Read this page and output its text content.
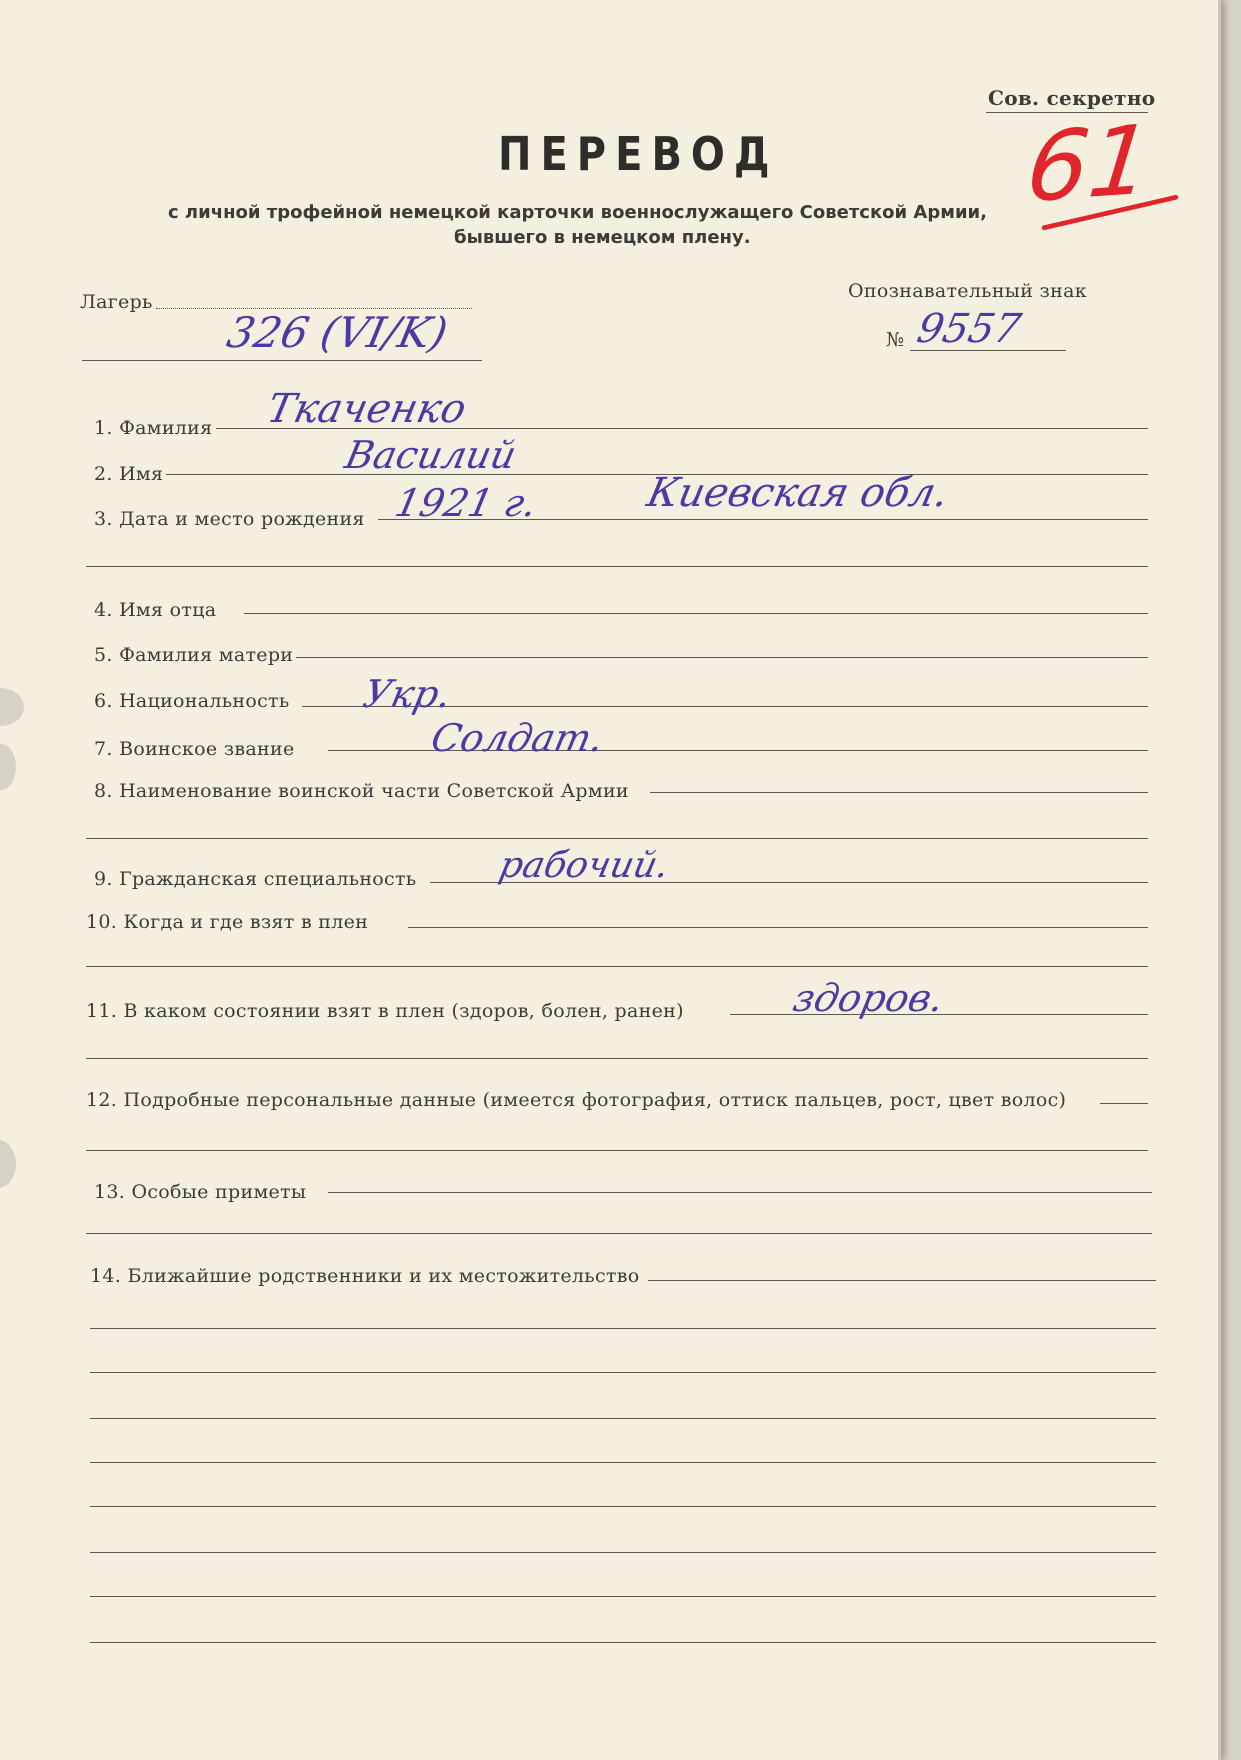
Сов. секретно
61
ПЕРЕВОД
с личной трофейной немецкой карточки военнослужащего Советской Армии,
бывшего в немецком плену.
Лагерь
326 (VI/K)
Опознавательный знак
№ 9557
1. Фамилия Ткаченко
2. Имя	Василий
3. Дата и место рождения 1921 г.	Киевская обл.
4. Имя отца
5. Фамилия матери
6. Национальность Укр.
7. Воинское звание	Солдат.
8. Наименование воинской части Советской Армии
9. Гражданская специальность рабочий.
10. Когда и где взят в плен
11. В каком состоянии взят в плен (здоров, болен, ранен)	здоров.
12. Подробные персональные данные (имеется фотография, оттиск пальцев, рост, цвет волос)
13. Особые приметы
14. Ближайшие родственники и их местожительство
